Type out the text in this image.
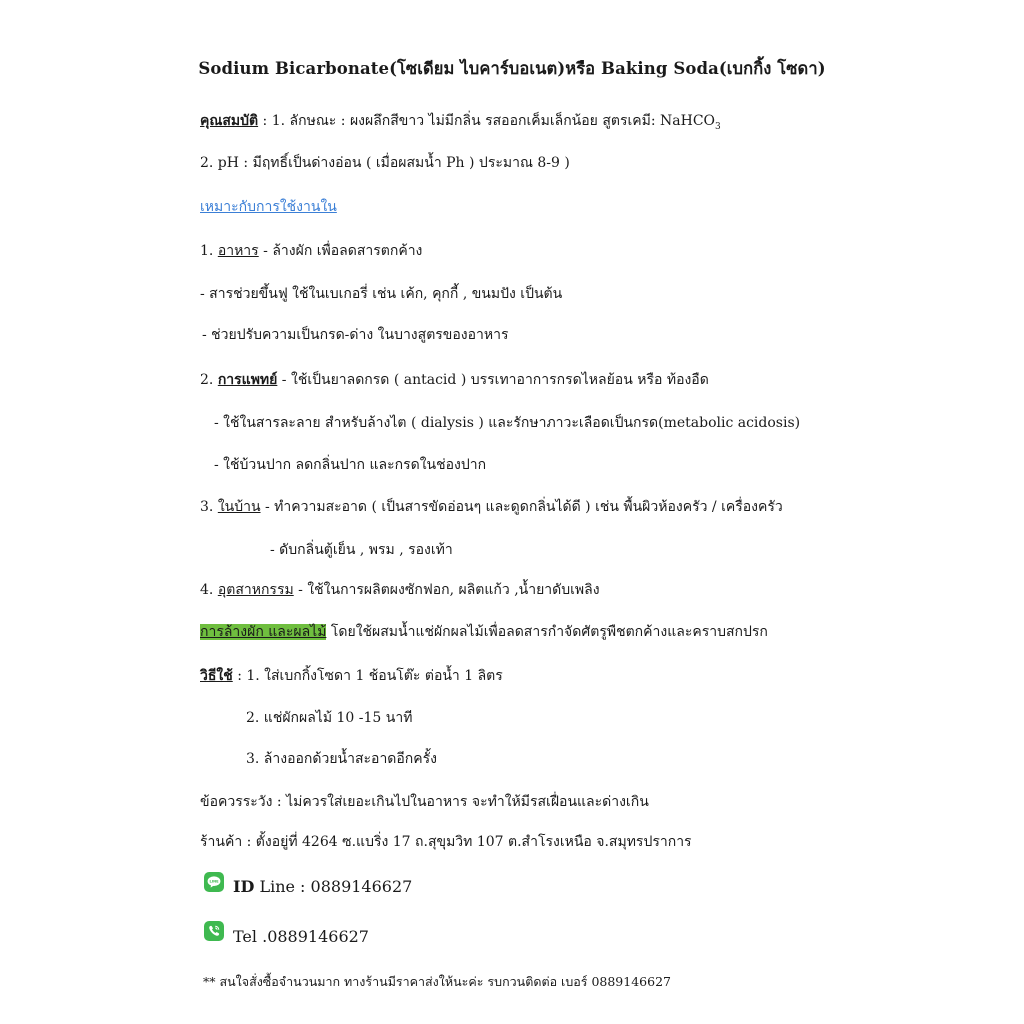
Sodium Bicarbonate(โซเดียม ไบคาร์บอเนต)หรือ Baking Soda(เบกกิ้ง โซดา)
คุณสมบัติ : 1. ลักษณะ : ผงผลึกสีขาว ไม่มีกลิ่น รสออกเค็มเล็กน้อย สูตรเคมี: NaHCO$_3$
2. pH : มีฤทธิ์เป็นด่างอ่อน ( เมื่อผสมน้ำ Ph ) ประมาณ 8-9 )
เหมาะกับการใช้งานใน
1. อาหาร - ล้างผัก เพื่อลดสารตกค้าง
- สารช่วยขึ้นฟู ใช้ในเบเกอรี่ เช่น เค้ก, คุกกี้ , ขนมปัง เป็นต้น
- ช่วยปรับความเป็นกรด-ด่าง ในบางสูตรของอาหาร
2. การแพทย์ - ใช้เป็นยาลดกรด ( antacid ) บรรเทาอาการกรดไหลย้อน หรือ ท้องอืด
- ใช้ในสารละลาย สำหรับล้างไต ( dialysis ) และรักษาภาวะเลือดเป็นกรด(metabolic acidosis)
- ใช้บ้วนปาก ลดกลิ่นปาก และกรดในช่องปาก
3. ในบ้าน - ทำความสะอาด ( เป็นสารขัดอ่อนๆ และดูดกลิ่นได้ดี ) เช่น พื้นผิวห้องครัว / เครื่องครัว
- ดับกลิ่นตู้เย็น , พรม , รองเท้า
4. อุตสาหกรรม - ใช้ในการผลิตผงซักฟอก, ผลิตแก้ว ,น้ำยาดับเพลิง
การล้างผัก และผลไม้ โดยใช้ผสมน้ำแช่ผักผลไม้เพื่อลดสารกำจัดศัตรูพืชตกค้างและคราบสกปรก
วิธีใช้ : 1. ใส่เบกกิ้งโซดา 1 ช้อนโต๊ะ ต่อน้ำ 1 ลิตร
2. แช่ผักผลไม้ 10 -15 นาที
3. ล้างออกด้วยน้ำสะอาดอีกครั้ง
ข้อควรระวัง : ไม่ควรใส่เยอะเกินไปในอาหาร จะทำให้มีรสเฝื่อนและด่างเกิน
ร้านค้า : ตั้งอยู่ที่ 4264 ซ.แบริ่ง 17 ถ.สุขุมวิท 107 ต.สำโรงเหนือ จ.สมุทรปราการ
LINE ID Line : 0889146627
Tel .0889146627
** สนใจสั่งซื้อจำนวนมาก ทางร้านมีราคาส่งให้นะค่ะ รบกวนติดต่อ เบอร์ 0889146627
